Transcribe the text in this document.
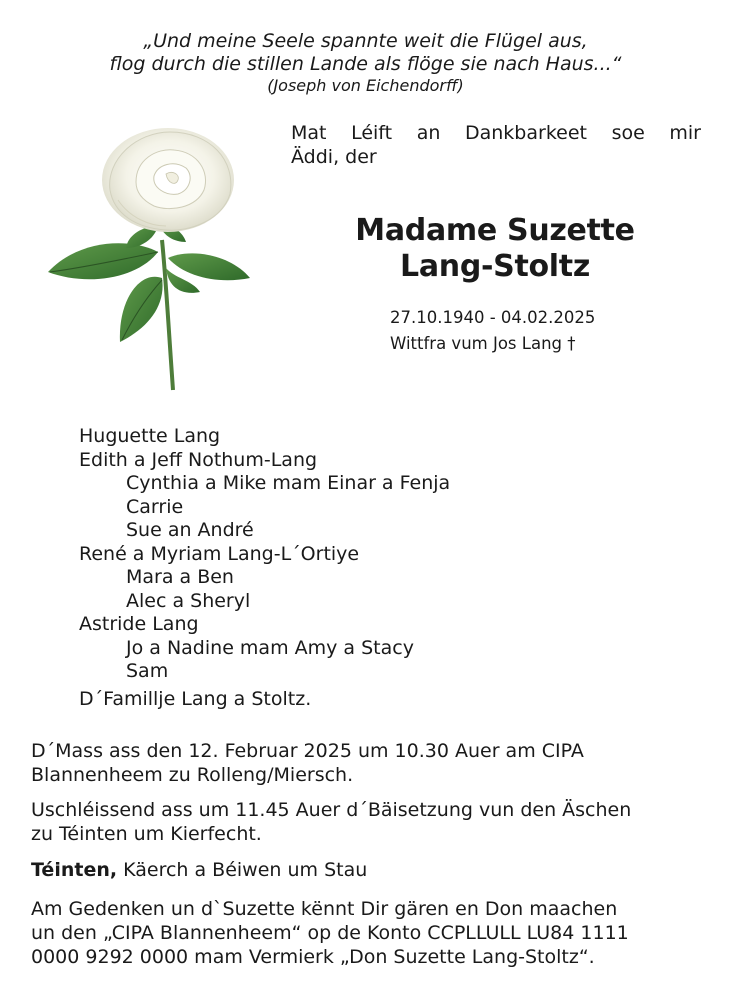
„Und meine Seele spannte weit die Flügel aus,
flog durch die stillen Lande als flöge sie nach Haus...“
(Joseph von Eichendorff)
Mat Léift an Dankbarkeet soe mir
Äddi, der
Madame Suzette
Lang-Stoltz
27.10.1940 - 04.02.2025
Wittfra vum Jos Lang †
Huguette Lang
Edith a Jeff Nothum-Lang
Cynthia a Mike mam Einar a Fenja
Carrie
Sue an André
René a Myriam Lang-L´Ortiye
Mara a Ben
Alec a Sheryl
Astride Lang
Jo a Nadine mam Amy a Stacy
Sam
D´Famillje Lang a Stoltz.
D´Mass ass den 12. Februar 2025 um 10.30 Auer am CIPA
Blannenheem zu Rolleng/Miersch.
Uschléissend ass um 11.45 Auer d´Bäisetzung vun den Äschen
zu Téinten um Kierfecht.
Téinten, Käerch a Béiwen um Stau
Am Gedenken un d`Suzette kënnt Dir gären en Don maachen
un den „CIPA Blannenheem“ op de Konto CCPLLULL LU84 1111
0000 9292 0000 mam Vermierk „Don Suzette Lang-Stoltz“.
